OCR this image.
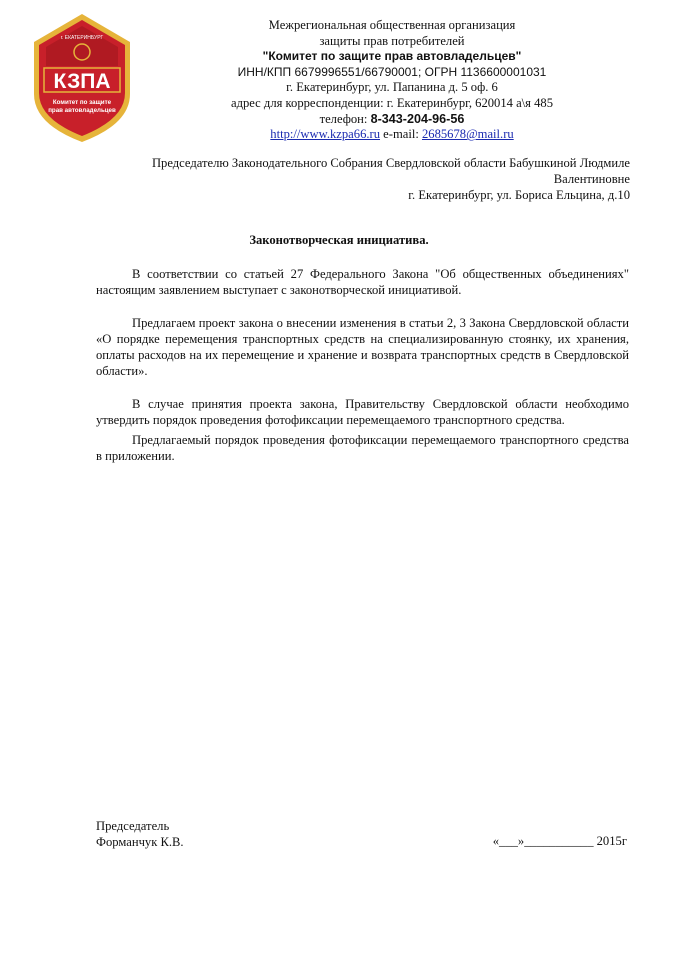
г. ЕКАТЕРИНБУРГ
КЗПА
Комитет по защите
прав автовладельцев
Межрегиональная общественная организация
защиты прав потребителей
"Комитет по защите прав автовладельцев"
ИНН/КПП 6679996551/66790001; ОГРН 1136600001031
г. Екатеринбург, ул. Папанина д. 5 оф. 6
адрес для корреспонденции: г. Екатеринбург, 620014 а\я 485
телефон: 8-343-204-96-56
http://www.kzpa66.ru e-mail: 2685678@mail.ru
Председателю Законодательного Собрания Свердловской области Бабушкиной Людмиле
Валентиновне
г. Екатеринбург, ул. Бориса Ельцина, д.10
Законотворческая инициатива.

В соответствии со статьей 27 Федерального Закона "Об общественных объединениях" настоящим заявлением выступает с законотворческой инициативой.

Предлагаем проект закона о внесении изменения в статьи 2, 3 Закона Свердловской области «О порядке перемещения транспортных средств на специализированную стоянку, их хранения, оплаты расходов на их перемещение и хранение и возврата транспортных средств в Свердловской области».

В случае принятия проекта закона, Правительству Свердловской области необходимо утвердить порядок проведения фотофиксации перемещаемого транспортного средства.

Предлагаемый порядок проведения фотофиксации перемещаемого транспортного средства в приложении.

Председатель
Форманчук К.В.	«___»___________ 2015г
